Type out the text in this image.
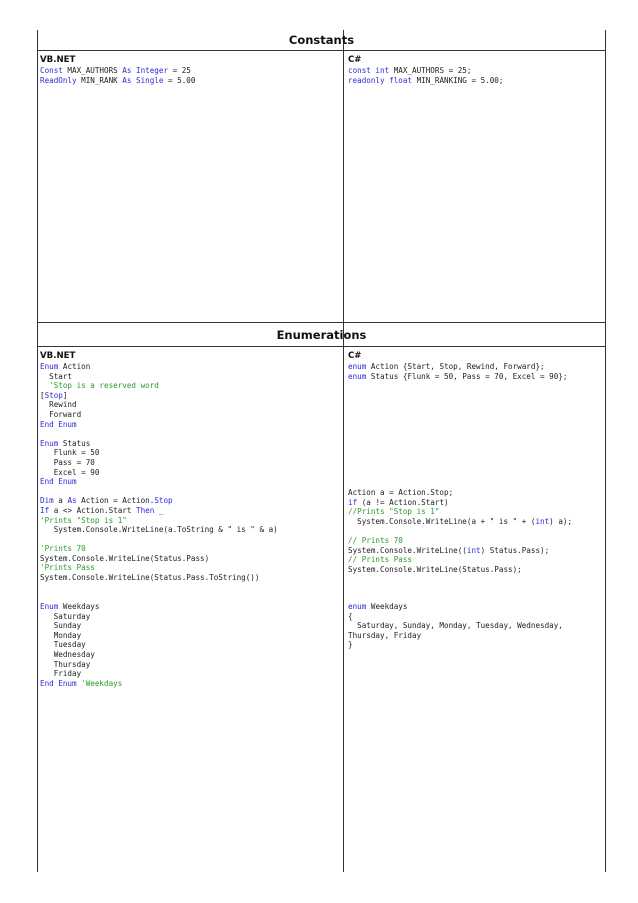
Constants
VB.NET
Const MAX_AUTHORS As Integer = 25
ReadOnly MIN_RANK As Single = 5.00
C#
const int MAX_AUTHORS = 25;
readonly float MIN_RANKING = 5.00;
Enumerations
VB.NET
Enum Action
Start
'Stop is a reserved word
[Stop]
Rewind
Forward
End Enum
Enum Status
Flunk = 50
Pass = 70
Excel = 90
End Enum
Dim a As Action = Action.Stop
If a <> Action.Start Then _
'Prints "Stop is 1"
System.Console.WriteLine(a.ToString & " is " & a)
'Prints 70
System.Console.WriteLine(Status.Pass)
'Prints Pass
System.Console.WriteLine(Status.Pass.ToString())
Enum Weekdays
Saturday
Sunday
Monday
Tuesday
Wednesday
Thursday
Friday
End Enum 'Weekdays
C#
enum Action {Start, Stop, Rewind, Forward};
enum Status {Flunk = 50, Pass = 70, Excel = 90};
Action a = Action.Stop;
if (a != Action.Start)
//Prints "Stop is 1"
System.Console.WriteLine(a + " is " + (int) a);
// Prints 70
System.Console.WriteLine((int) Status.Pass);
// Prints Pass
System.Console.WriteLine(Status.Pass);
enum Weekdays
{
Saturday, Sunday, Monday, Tuesday, Wednesday,
Thursday, Friday
}
